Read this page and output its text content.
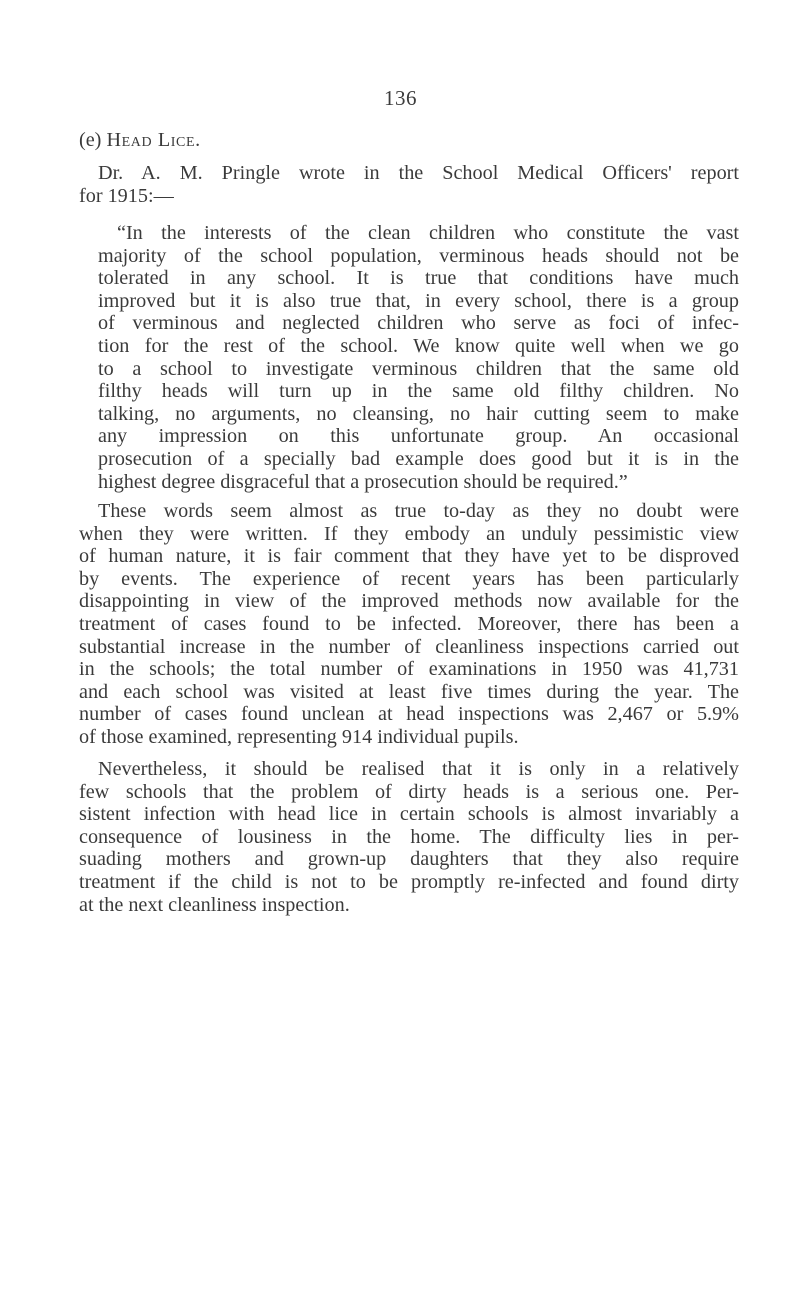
136
(e) Head Lice.
Dr. A. M. Pringle wrote in the School Medical Officers' report
for 1915:—
“In the interests of the clean children who constitute the vast
majority of the school population, verminous heads should not be
tolerated in any school. It is true that conditions have much
improved but it is also true that, in every school, there is a group
of verminous and neglected children who serve as foci of infec-
tion for the rest of the school. We know quite well when we go
to a school to investigate verminous children that the same old
filthy heads will turn up in the same old filthy children. No
talking, no arguments, no cleansing, no hair cutting seem to make
any impression on this unfortunate group. An occasional
prosecution of a specially bad example does good but it is in the
highest degree disgraceful that a prosecution should be required.”
These words seem almost as true to-day as they no doubt were
when they were written. If they embody an unduly pessimistic view
of human nature, it is fair comment that they have yet to be disproved
by events. The experience of recent years has been particularly
disappointing in view of the improved methods now available for the
treatment of cases found to be infected. Moreover, there has been a
substantial increase in the number of cleanliness inspections carried out
in the schools; the total number of examinations in 1950 was 41,731
and each school was visited at least five times during the year. The
number of cases found unclean at head inspections was 2,467 or 5.9%
of those examined, representing 914 individual pupils.
Nevertheless, it should be realised that it is only in a relatively
few schools that the problem of dirty heads is a serious one. Per-
sistent infection with head lice in certain schools is almost invariably a
consequence of lousiness in the home. The difficulty lies in per-
suading mothers and grown-up daughters that they also require
treatment if the child is not to be promptly re-infected and found dirty
at the next cleanliness inspection.
